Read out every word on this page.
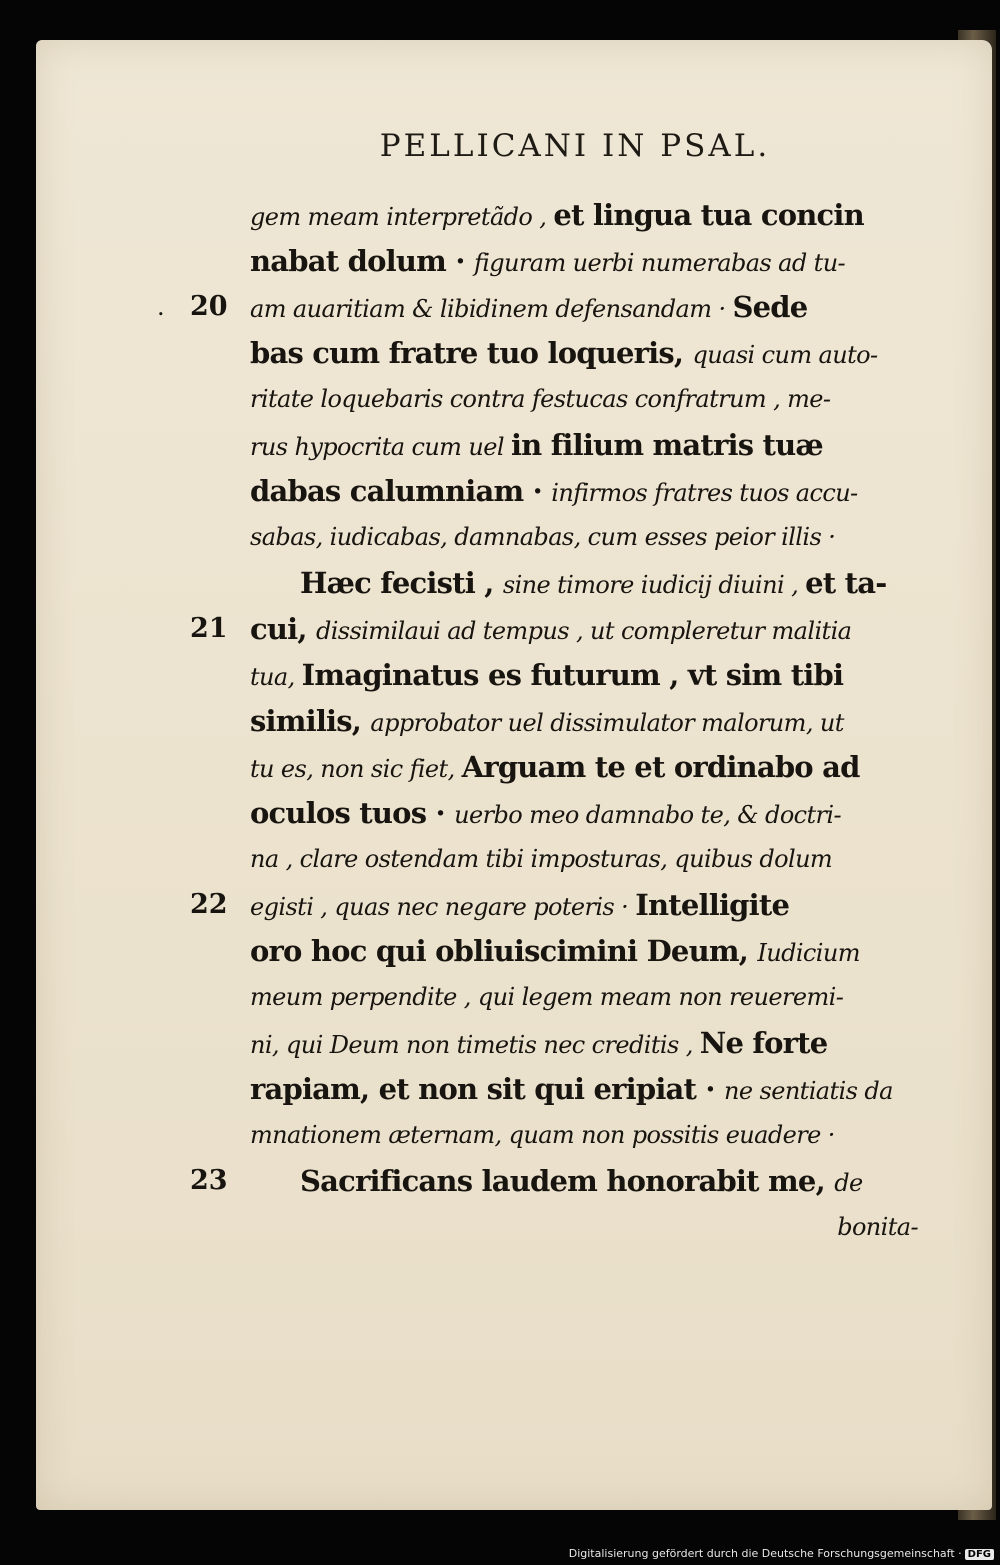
PELLICANI IN PSAL.
gem meam interpretãdo , et lingua tua concin
nabat dolum · figuram uerbi numerabas ad tu-
20
.	am auaritiam & libidinem defensandam · Sede
bas cum fratre tuo loqueris, quasi cum auto-
ritate loquebaris contra festucas confratrum , me-
rus hypocrita cum uel in filium matris tuæ
dabas calumniam · infirmos fratres tuos accu-
sabas, iudicabas, damnabas, cum esses peior illis ·
Hæc fecisti , sine timore iudicij diuini , et ta-
21 cui, dissimilaui ad tempus , ut compleretur malitia
tua, Imaginatus es futurum , vt sim tibi
similis, approbator uel dissimulator malorum, ut
tu es, non sic fiet, Arguam te et ordinabo ad
oculos tuos · uerbo meo damnabo te, & doctri-
na , clare ostendam tibi imposturas, quibus dolum
22 egisti , quas nec negare poteris · Intelligite
oro hoc qui obliuiscimini Deum, Iudicium
meum perpendite , qui legem meam non reueremi-
ni, qui Deum non timetis nec creditis , Ne forte
rapiam, et non sit qui eripiat · ne sentiatis da
mnationem æternam, quam non possitis euadere ·
23 Sacrificans laudem honorabit me, de
bonita-
Digitalisierung gefördert durch die Deutsche Forschungsgemeinschaft · DFG
